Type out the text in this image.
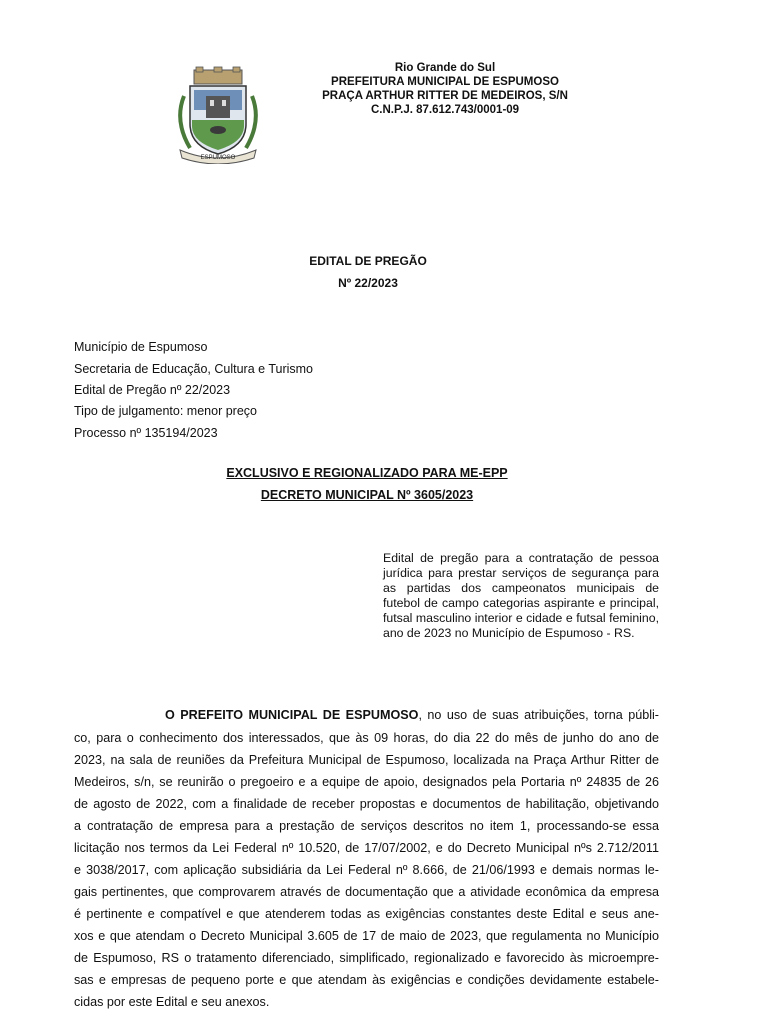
ESPUMOSO
Rio Grande do Sul
PREFEITURA MUNICIPAL DE ESPUMOSO
PRAÇA ARTHUR RITTER DE MEDEIROS, S/N
C.N.P.J. 87.612.743/0001-09
EDITAL DE PREGÃO
Nº 22/2023
Município de Espumoso
Secretaria de Educação, Cultura e Turismo
Edital de Pregão nº 22/2023
Tipo de julgamento: menor preço
Processo nº 135194/2023
EXCLUSIVO E REGIONALIZADO PARA ME-EPP
DECRETO MUNICIPAL Nº 3605/2023
Edital de pregão para a contratação de pessoa jurídica para prestar serviços de segurança para as partidas dos campeonatos municipais de futebol de campo categorias aspirante e principal, futsal masculino interior e cidade e futsal feminino, ano de 2023 no Município de Espumoso - RS.
O PREFEITO MUNICIPAL DE ESPUMOSO, no uso de suas atribuições, torna públi-
co, para o conhecimento dos interessados, que às 09 horas, do dia 22 do mês de junho do ano de
2023, na sala de reuniões da Prefeitura Municipal de Espumoso, localizada na Praça Arthur Ritter de
Medeiros, s/n, se reunirão o pregoeiro e a equipe de apoio, designados pela Portaria nº 24835 de 26
de agosto de 2022, com a finalidade de receber propostas e documentos de habilitação, objetivando
a contratação de empresa para a prestação de serviços descritos no item 1, processando-se essa
licitação nos termos da Lei Federal nº 10.520, de 17/07/2002, e do Decreto Municipal nºs 2.712/2011
e 3038/2017, com aplicação subsidiária da Lei Federal nº 8.666, de 21/06/1993 e demais normas le-
gais pertinentes, que comprovarem através de documentação que a atividade econômica da empresa
é pertinente e compatível e que atenderem todas as exigências constantes deste Edital e seus ane-
xos e que atendam o Decreto Municipal 3.605 de 17 de maio de 2023, que regulamenta no Município
de Espumoso, RS o tratamento diferenciado, simplificado, regionalizado e favorecido às microempre-
sas e empresas de pequeno porte e que atendam às exigências e condições devidamente estabele-
cidas por este Edital e seu anexos.
